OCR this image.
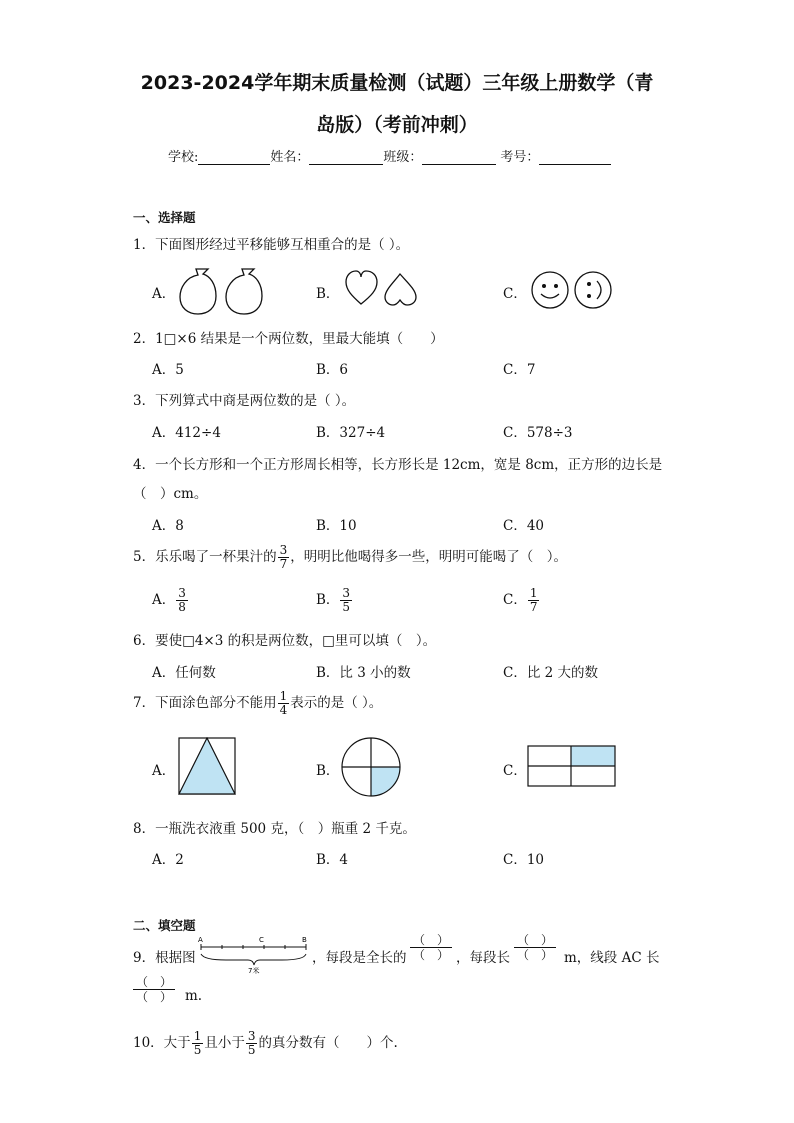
2023-2024学年期末质量检测（试题）三年级上册数学（青
岛版）（考前冲刺）
学校:	姓名：	班级：	考号：
一、选择题
1．下面图形经过平移能够互相重合的是（ ）。
A．	B．	C．
2．1□×6 结果是一个两位数，里最大能填（　　）
A．5	B．6	C．7
3．下列算式中商是两位数的是（ ）。
A．412÷4	B．327÷4	C．578÷3
4．一个长方形和一个正方形周长相等，长方形长是 12cm，宽是 8cm，正方形的边长是
（　）cm。
A．8	B．10	C．40
5．乐乐喝了一杯果汁的 $\frac{3}{7}$ ，明明比他喝得多一些，明明可能喝了（　）。
A． $\frac{3}{8}$	B． $\frac{3}{5}$	C． $\frac{1}{7}$
6．要使□4×3 的积是两位数，□里可以填（　）。
A．任何数	B．比 3 小的数	C．比 2 大的数
7．下面涂色部分不能用 $\frac{1}{4}$ 表示的是（ ）。
A．	B．	C．
8．一瓶洗衣液重 500 克，（　）瓶重 2 千克。
A．2	B．4	C．10
二、填空题
9．根据图
A	C	B
7米
，每段是全长的
（　）
（　） ，每段长
（　）
（　） m，线段 AC 长
（　）
（　） m.
10．大于 $\frac{1}{5}$ 且小于 $\frac{3}{5}$ 的真分数有（　　）个.
